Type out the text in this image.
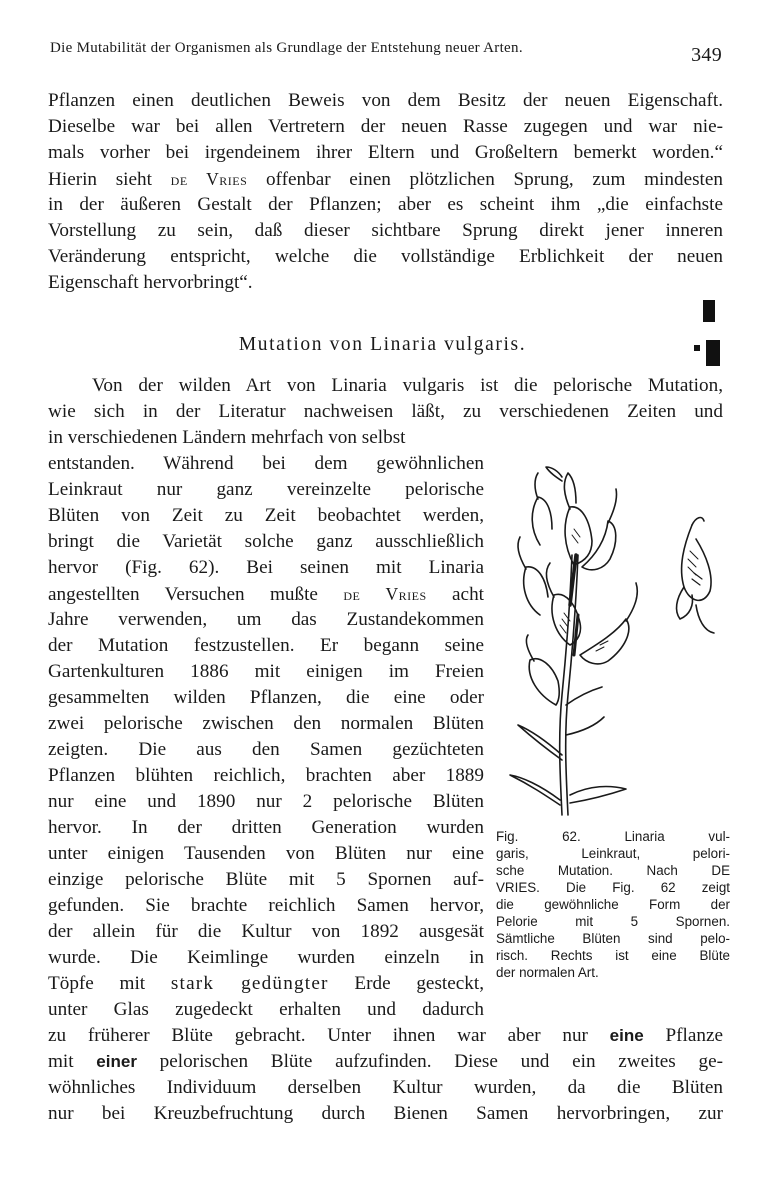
Die Mutabilität der Organismen als Grundlage der Entstehung neuer Arten.	349
Pflanzen einen deutlichen Beweis von dem Besitz der neuen Eigenschaft.
Dieselbe war bei allen Vertretern der neuen Rasse zugegen und war nie-
mals vorher bei irgendeinem ihrer Eltern und Großeltern bemerkt worden.“
Hierin sieht de Vries offenbar einen plötzlichen Sprung, zum mindesten
in der äußeren Gestalt der Pflanzen; aber es scheint ihm „die einfachste
Vorstellung zu sein, daß dieser sichtbare Sprung direkt jener inneren
Veränderung entspricht, welche die vollständige Erblichkeit der neuen
Eigenschaft hervorbringt“.
Mutation von Linaria vulgaris.
Von der wilden Art von Linaria vulgaris ist die pelorische Mutation,
wie sich in der Literatur nachweisen läßt, zu verschiedenen Zeiten und
in verschiedenen Ländern mehrfach von selbst
entstanden. Während bei dem gewöhnlichen
Leinkraut nur ganz vereinzelte pelorische
Blüten von Zeit zu Zeit beobachtet werden,
bringt die Varietät solche ganz ausschließlich
hervor (Fig. 62). Bei seinen mit Linaria
angestellten Versuchen mußte de Vries acht
Jahre verwenden, um das Zustandekommen
der Mutation festzustellen. Er begann seine
Gartenkulturen 1886 mit einigen im Freien
gesammelten wilden Pflanzen, die eine oder
zwei pelorische zwischen den normalen Blüten
zeigten. Die aus den Samen gezüchteten
Pflanzen blühten reichlich, brachten aber 1889
nur eine und 1890 nur 2 pelorische Blüten
hervor. In der dritten Generation wurden
unter einigen Tausenden von Blüten nur eine
einzige pelorische Blüte mit 5 Spornen auf-
gefunden. Sie brachte reichlich Samen hervor,
der allein für die Kultur von 1892 ausgesät
wurde. Die Keimlinge wurden einzeln in
Töpfe mit stark gedüngter Erde gesteckt,
unter Glas zugedeckt erhalten und dadurch
zu früherer Blüte gebracht. Unter ihnen war aber nur eine Pflanze
mit einer pelorischen Blüte aufzufinden. Diese und ein zweites ge-
wöhnliches Individuum derselben Kultur wurden, da die Blüten
nur bei Kreuzbefruchtung durch Bienen Samen hervorbringen, zur
Fig. 62. Linaria vul-
garis, Leinkraut, pelori-
sche Mutation. Nach DE
VRIES. Die Fig. 62 zeigt
die gewöhnliche Form der
Pelorie mit 5 Spornen.
Sämtliche Blüten sind pelo-
risch. Rechts ist eine Blüte
der normalen Art.
